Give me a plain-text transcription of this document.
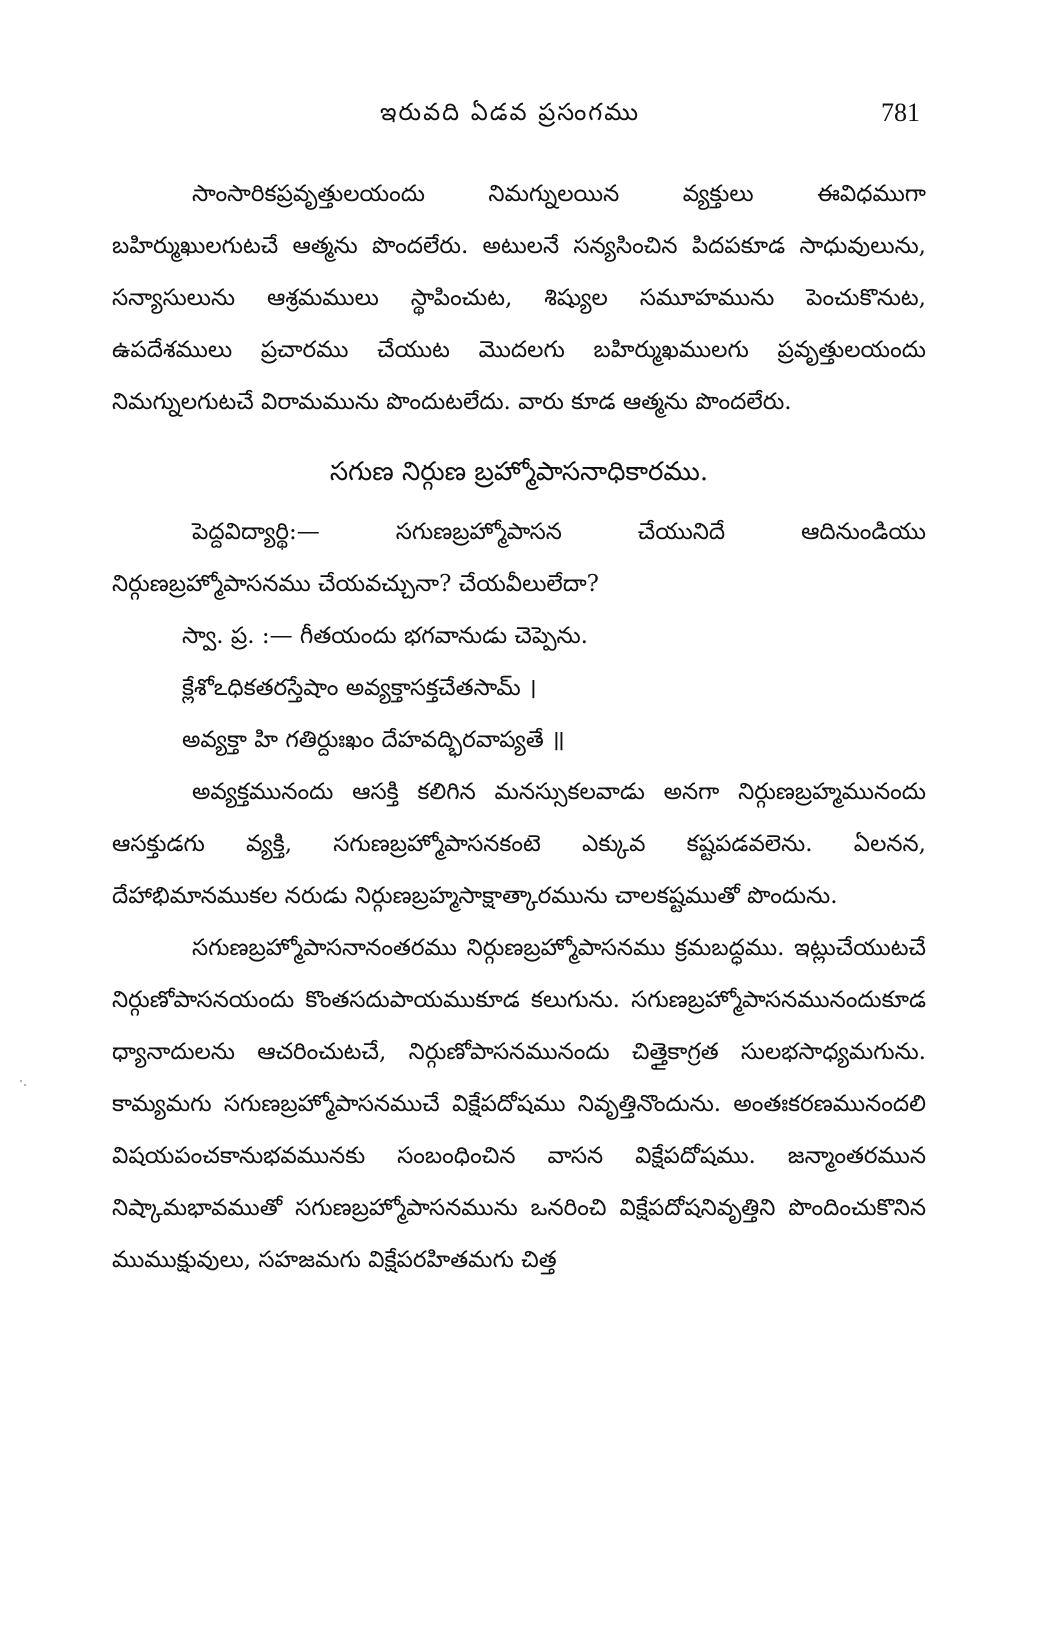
ఇరువది ఏడవ ప్రసంగము	781

సాంసారికప్రవృత్తులయందు నిమగ్నులయిన వ్యక్తులు ఈవిధముగా బహిర్ముఖులగుటచే ఆత్మను పొందలేరు. అటులనే సన్యసించిన పిదపకూడ సాధువులును, సన్యాసులును ఆశ్రమములు స్థాపించుట, శిష్యుల సమూహమును పెంచుకొనుట, ఉపదేశములు ప్రచారము చేయుట మొదలగు బహిర్ముఖములగు ప్రవృత్తులయందు నిమగ్నులగుటచే విరామమును పొందుటలేదు. వారు కూడ ఆత్మను పొందలేరు.

సగుణ నిర్గుణ బ్రహ్మోపాసనాధికారము.

పెద్దవిద్యార్థి:— సగుణబ్రహ్మోపాసన చేయునిదే ఆదినుండియు నిర్గుణబ్రహ్మోపాసనము చేయవచ్చునా? చేయవీలులేదా?

స్వా. ప్ర. :— గీతయందు భగవానుడు చెప్పెను.

క్లేశోఽధికతరస్తేషాం అవ్యక్తాసక్తచేతసామ్ ।

అవ్యక్తా హి గతిర్దుఃఖం దేహవద్భిరవాప్యతే ॥

అవ్యక్తమునందు ఆసక్తి కలిగిన మనస్సుకలవాడు అనగా నిర్గుణబ్రహ్మమునందు ఆసక్తుడగు వ్యక్తి, సగుణబ్రహ్మోపాసనకంటె ఎక్కువ కష్టపడవలెను. ఏలనన, దేహాభిమానముకల నరుడు నిర్గుణబ్రహ్మసాక్షాత్కారమును చాలకష్టముతో పొందును.

సగుణబ్రహ్మోపాసనానంతరము నిర్గుణబ్రహ్మోపాసనము క్రమబద్ధము. ఇట్లుచేయుటచే నిర్గుణోపాసనయందు కొంతసదుపాయముకూడ కలుగును. సగుణబ్రహ్మోపాసనమునందుకూడ ధ్యానాదులను ఆచరించుటచే, నిర్గుణోపాసనమునందు చిత్తైకాగ్రత సులభసాధ్యమగును. కామ్యమగు సగుణబ్రహ్మోపాసనముచే విక్షేపదోషము నివృత్తినొందును. అంతఃకరణమునందలి విషయపంచకానుభవమునకు సంబంధించిన వాసన విక్షేపదోషము. జన్మాంతరమున నిష్కామభావముతో సగుణబ్రహ్మోపాసనమును ఒనరించి విక్షేపదోషనివృత్తిని పొందించుకొనిన ముముక్షువులు, సహజమగు విక్షేపరహితమగు చిత్త
